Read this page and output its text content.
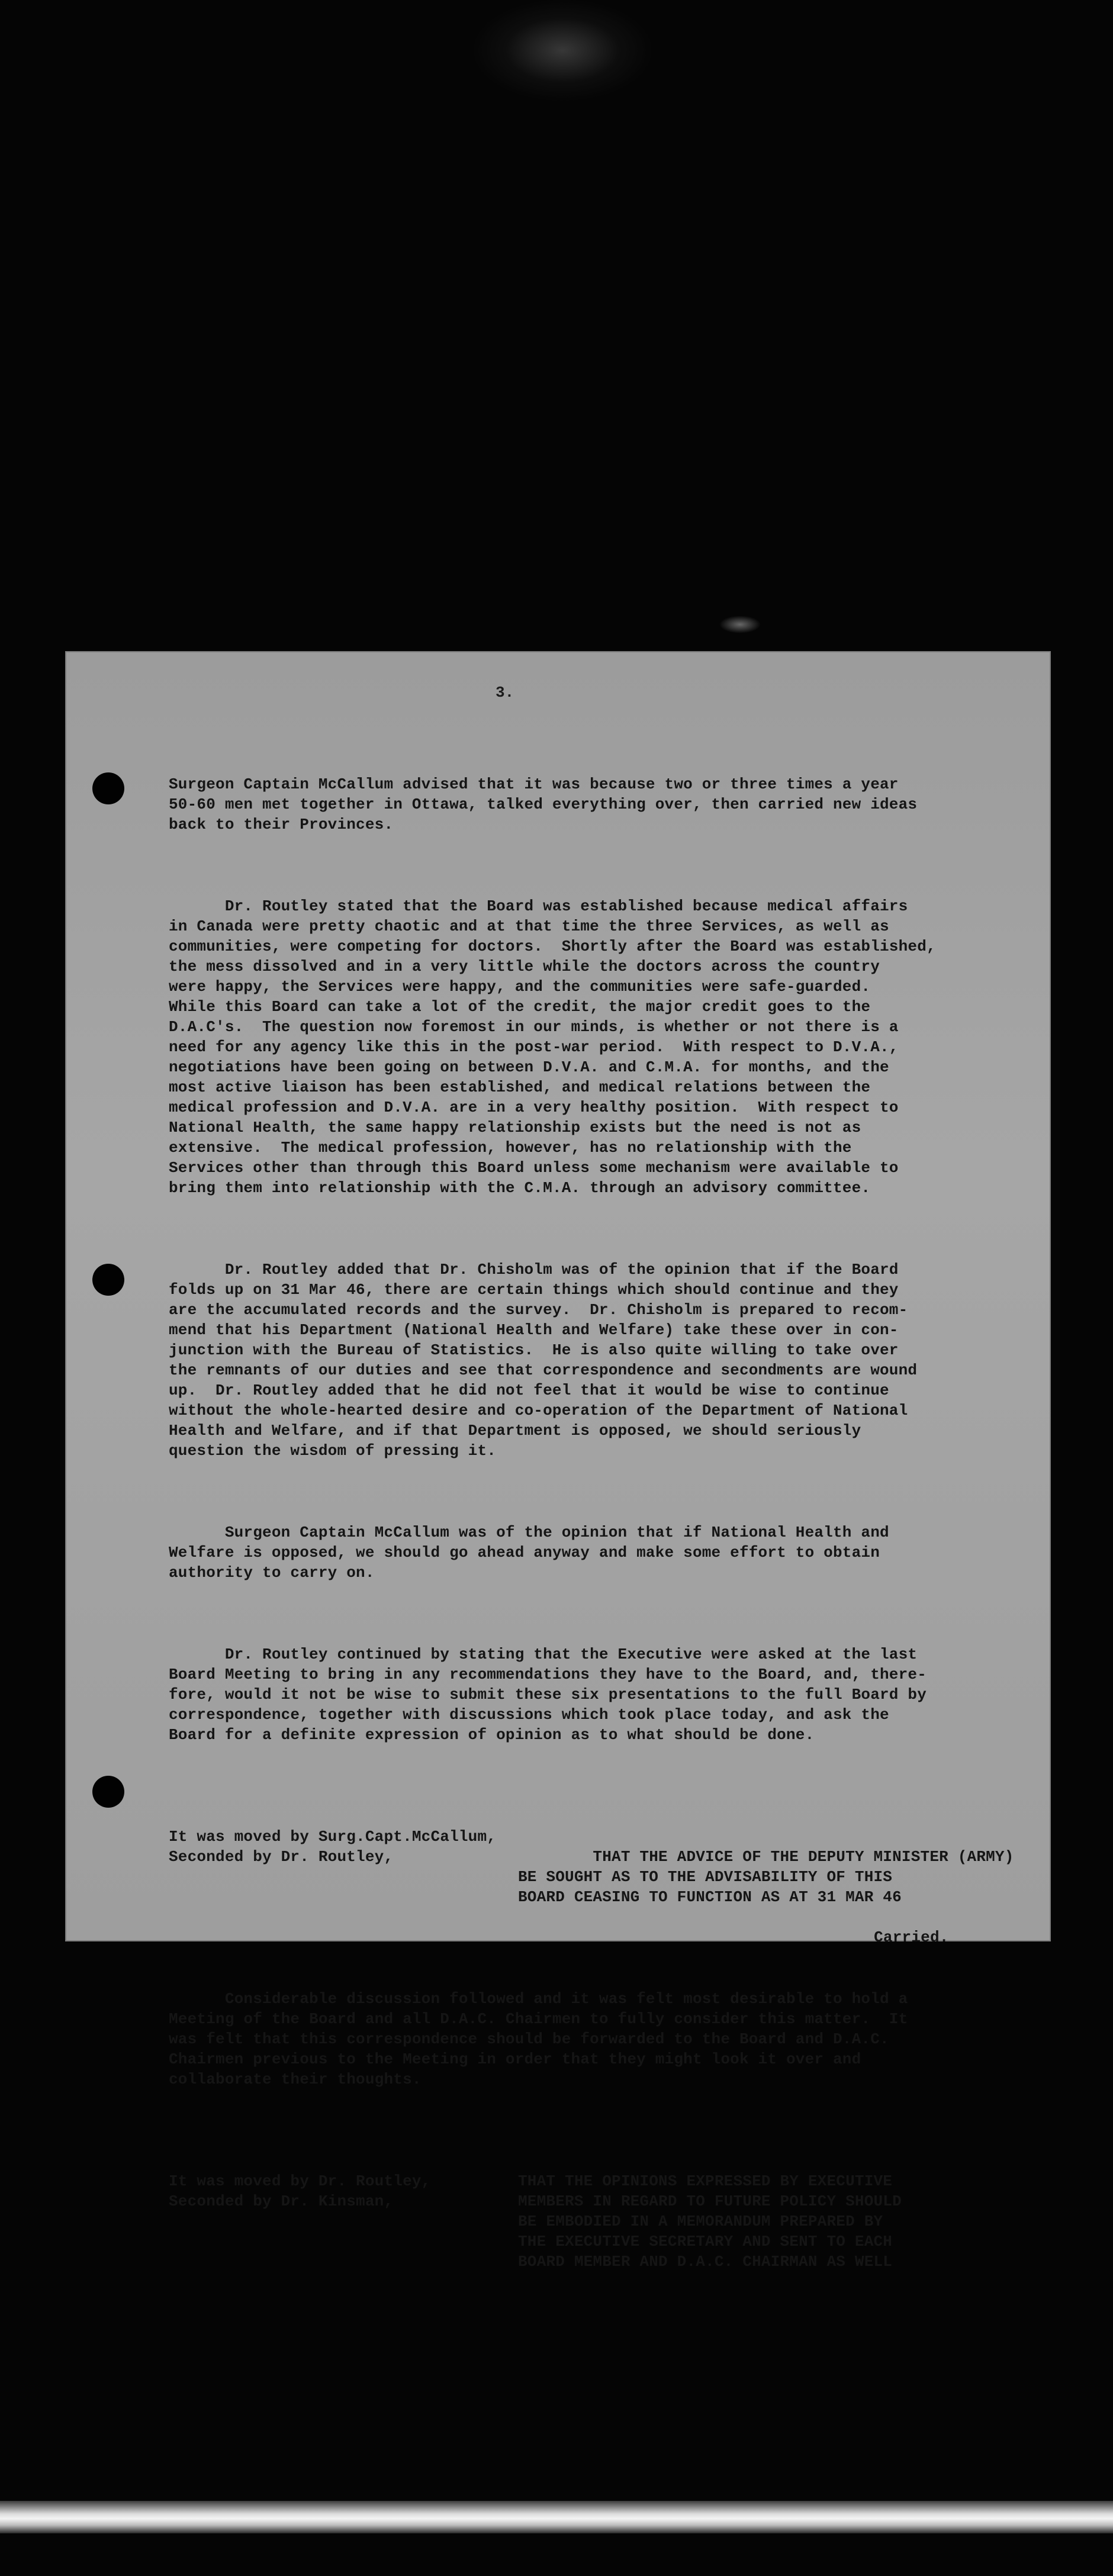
3.

Surgeon Captain McCallum advised that it was because two or three times a year
50-60 men met together in Ottawa, talked everything over, then carried new ideas
back to their Provinces.

Dr. Routley stated that the Board was established because medical affairs
in Canada were pretty chaotic and at that time the three Services, as well as
communities, were competing for doctors.  Shortly after the Board was established,
the mess dissolved and in a very little while the doctors across the country
were happy, the Services were happy, and the communities were safe-guarded.
While this Board can take a lot of the credit, the major credit goes to the
D.A.C's.  The question now foremost in our minds, is whether or not there is a
need for any agency like this in the post-war period.  With respect to D.V.A.,
negotiations have been going on between D.V.A. and C.M.A. for months, and the
most active liaison has been established, and medical relations between the
medical profession and D.V.A. are in a very healthy position.  With respect to
National Health, the same happy relationship exists but the need is not as
extensive.  The medical profession, however, has no relationship with the
Services other than through this Board unless some mechanism were available to
bring them into relationship with the C.M.A. through an advisory committee.

Dr. Routley added that Dr. Chisholm was of the opinion that if the Board
folds up on 31 Mar 46, there are certain things which should continue and they
are the accumulated records and the survey.  Dr. Chisholm is prepared to recom-
mend that his Department (National Health and Welfare) take these over in con-
junction with the Bureau of Statistics.  He is also quite willing to take over
the remnants of our duties and see that correspondence and secondments are wound
up.  Dr. Routley added that he did not feel that it would be wise to continue
without the whole-hearted desire and co-operation of the Department of National
Health and Welfare, and if that Department is opposed, we should seriously
question the wisdom of pressing it.

Surgeon Captain McCallum was of the opinion that if National Health and
Welfare is opposed, we should go ahead anyway and make some effort to obtain
authority to carry on.

Dr. Routley continued by stating that the Executive were asked at the last
Board Meeting to bring in any recommendations they have to the Board, and, there-
fore, would it not be wise to submit these six presentations to the full Board by
correspondence, together with discussions which took place today, and ask the
Board for a definite expression of opinion as to what should be done.

It was moved by Surg.Capt.McCallum,
Seconded by Dr. Routley,

	THAT THE ADVICE OF THE DEPUTY MINISTER (ARMY)
BE SOUGHT AS TO THE ADVISABILITY OF THIS
BOARD CEASING TO FUNCTION AS AT 31 MAR 46

Carried.

Considerable discussion followed and it was felt most desirable to hold a
Meeting of the Board and all D.A.C. Chairmen to fully consider this matter.  It
was felt that this correspondence should be forwarded to the Board and D.A.C.
Chairmen previous to the Meeting in order that they might look it over and
collaborate their thoughts.

It was moved by Dr. Routley,
Seconded by Dr. Kinsman,

THAT THE OPINIONS EXPRESSED BY EXECUTIVE
MEMBERS IN REGARD TO FUTURE POLICY SHOULD
BE EMBODIED IN A MEMORANDUM PREPARED BY
THE EXECUTIVE SECRETARY AND SENT TO EACH
BOARD MEMBER AND D.A.C. CHAIRMAN AS WELL
